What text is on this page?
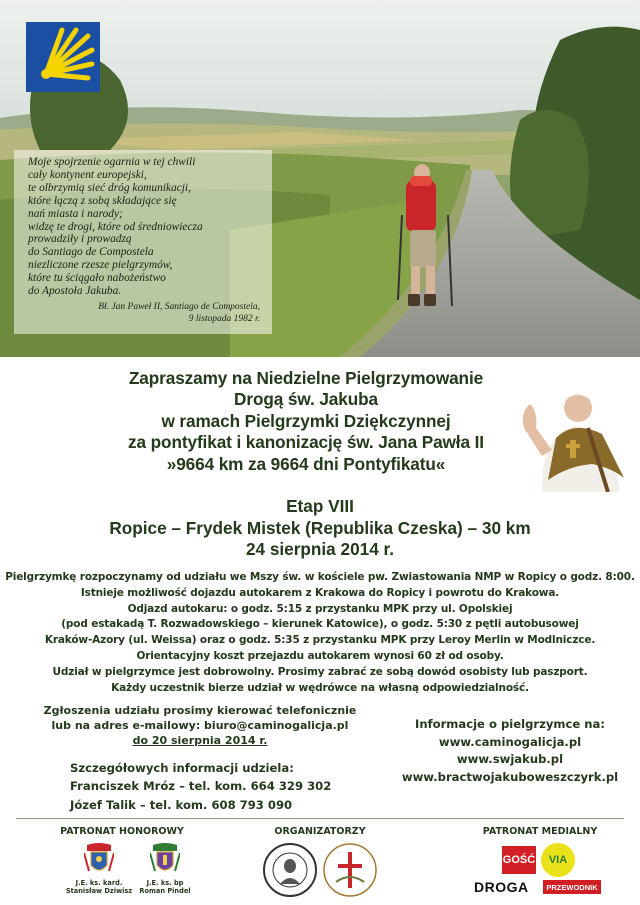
Moje spojrzenie ogarnia w tej chwili
cały kontynent europejski,
te olbrzymią sieć dróg komunikacji,
które łączą z sobą składające się
nań miasta i narody;
widzę te drogi, które od średniowiecza
prowadziły i prowadzą
do Santiago de Compostela
niezliczone rzesze pielgrzymów,
które tu ściągało nabożeństwo
do Apostoła Jakuba.
Bł. Jan Paweł II, Santiago de Compostela,
9 listopada 1982 r.
Zapraszamy na Niedzielne Pielgrzymowanie
Drogą św. Jakuba
w ramach Pielgrzymki Dziękczynnej
za pontyfikat i kanonizację św. Jana Pawła II
»9664 km za 9664 dni Pontyfikatu«
Etap VIII
Ropice – Frydek Mistek (Republika Czeska) – 30 km
24 sierpnia 2014 r.
Pielgrzymkę rozpoczynamy od udziału we Mszy św. w kościele pw. Zwiastowania NMP w Ropicy o godz. 8:00.
Istnieje możliwość dojazdu autokarem z Krakowa do Ropicy i powrotu do Krakowa.
Odjazd autokaru: o godz. 5:15 z przystanku MPK przy ul. Opolskiej
(pod estakadą T. Rozwadowskiego – kierunek Katowice), o godz. 5:30 z pętli autobusowej
Kraków-Azory (ul. Weissa) oraz o godz. 5:35 z przystanku MPK przy Leroy Merlin w Modlniczce.
Orientacyjny koszt przejazdu autokarem wynosi 60 zł od osoby.
Udział w pielgrzymce jest dobrowolny. Prosimy zabrać ze sobą dowód osobisty lub paszport.
Każdy uczestnik bierze udział w wędrówce na własną odpowiedzialność.
Zgłoszenia udziału prosimy kierować telefonicznie
lub na adres e-mailowy: biuro@caminogalicja.pl
do 20 sierpnia 2014 r.
Szczegółowych informacji udziela:
Franciszek Mróz – tel. kom. 664 329 302
Józef Talik – tel. kom. 608 793 090
Informacje o pielgrzymce na:
www.caminogalicja.pl
www.swjakub.pl
www.bractwojakuboweszczyrk.pl
PATRONAT HONOROWY
J.E. ks. kard.
Stanisław Dziwisz
J.E. ks. bp
Roman Pindel
ORGANIZATORZY	PATRONAT MEDIALNY
GOŚĆ VIA
DROGA PRZEWODNIK
